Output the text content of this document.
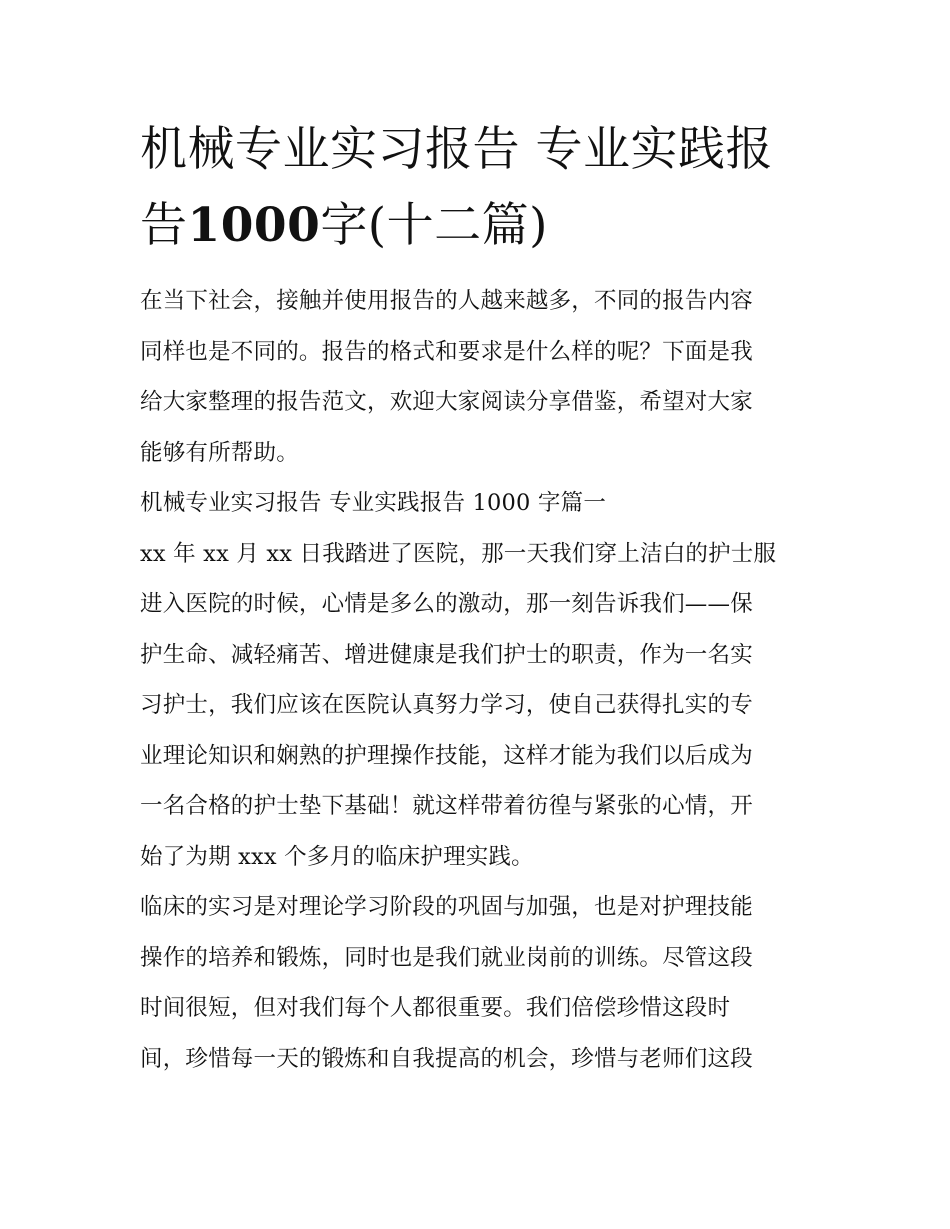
机械专业实习报告 专业实践报
告1000字(十二篇)

在当下社会，接触并使用报告的人越来越多，不同的报告内容
同样也是不同的。报告的格式和要求是什么样的呢？下面是我
给大家整理的报告范文，欢迎大家阅读分享借鉴，希望对大家
能够有所帮助。

机械专业实习报告 专业实践报告 1000 字篇一

xx 年 xx 月 xx 日我踏进了医院，那一天我们穿上洁白的护士服
进入医院的时候，心情是多么的激动，那一刻告诉我们——保
护生命、减轻痛苦、增进健康是我们护士的职责，作为一名实
习护士，我们应该在医院认真努力学习，使自己获得扎实的专
业理论知识和娴熟的护理操作技能，这样才能为我们以后成为
一名合格的护士垫下基础！就这样带着彷徨与紧张的心情，开
始了为期 xxx 个多月的临床护理实践。

临床的实习是对理论学习阶段的巩固与加强，也是对护理技能
操作的培养和锻炼，同时也是我们就业岗前的训练。尽管这段
时间很短，但对我们每个人都很重要。我们倍偿珍惜这段时
间，珍惜每一天的锻炼和自我提高的机会，珍惜与老师们这段
